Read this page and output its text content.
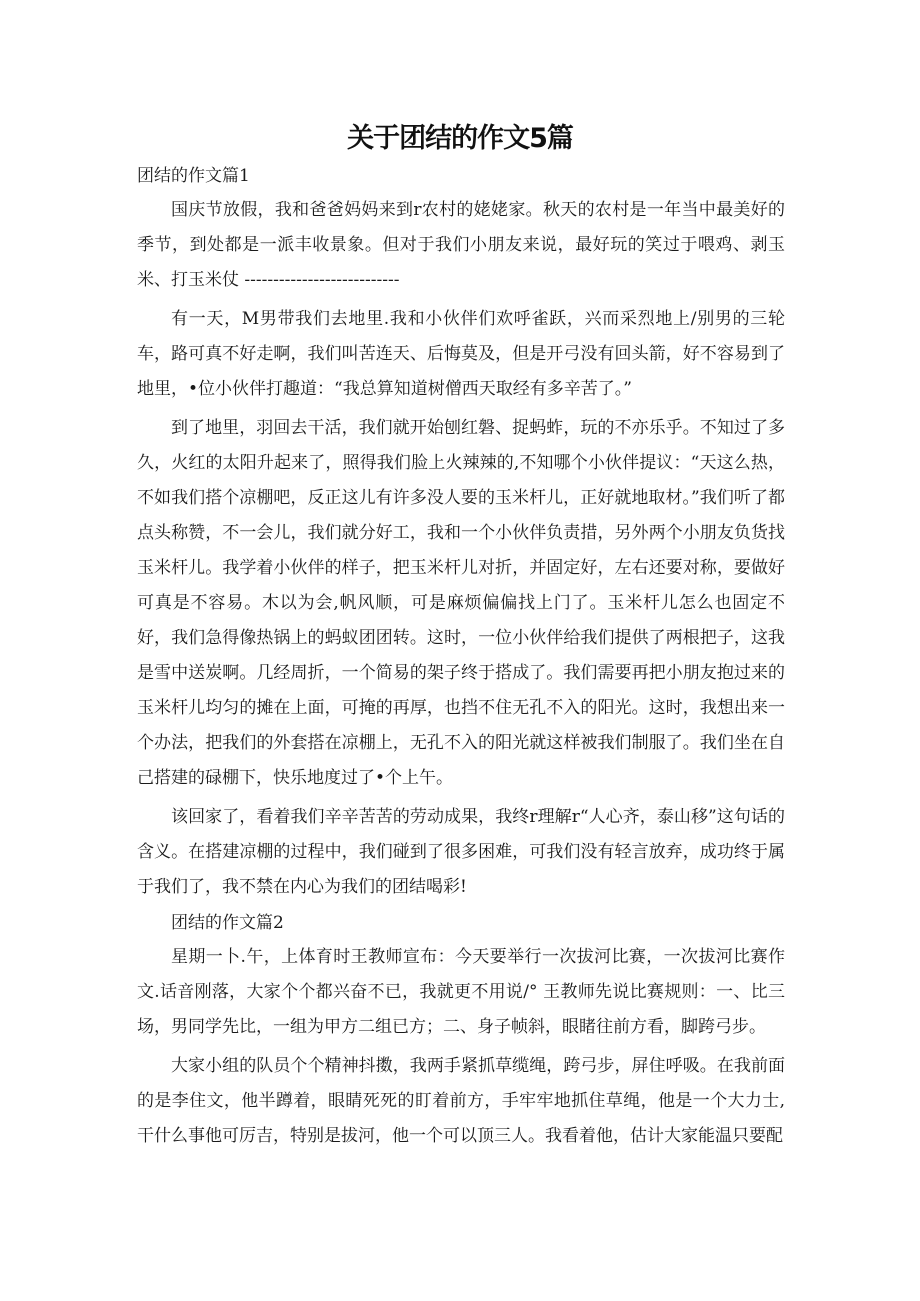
关于团结的作文5篇

团结的作文篇1

国庆节放假，我和爸爸妈妈来到r农村的姥姥家。秋天的农村是一年当中最美好的季节，到处都是一派丰收景象。但对于我们小朋友来说，最好玩的笑过于喂鸡、剥玉米、打玉米仗 ---------------------------

有一天，M男带我们去地里.我和小伙伴们欢呼雀跃，兴而采烈地上/别男的三轮车，路可真不好走啊，我们叫苦连天、后悔莫及，但是开弓没有回头箭，好不容易到了地里，•位小伙伴打趣道：“我总算知道树僧西天取经有多辛苦了。”

到了地里，羽回去干活，我们就开始刨红磐、捉蚂蚱，玩的不亦乐乎。不知过了多久，火红的太阳升起来了，照得我们脸上火辣辣的,不知哪个小伙伴提议：“天这么热，不如我们搭个凉棚吧，反正这儿有许多没人要的玉米杆儿，正好就地取材。”我们听了都点头称赞，不一会儿，我们就分好工，我和一个小伙伴负责措，另外两个小朋友负货找玉米杆儿。我学着小伙伴的样子，把玉米杆儿对折，并固定好，左右还要对称，要做好可真是不容易。木以为会,帆风顺，可是麻烦偏偏找上门了。玉米杆儿怎么也固定不好，我们急得像热锅上的蚂蚁团团转。这时，一位小伙伴给我们提供了两根把子，这我是雪中送炭啊。几经周折，一个简易的架子终于搭成了。我们需要再把小朋友抱过来的玉米杆儿均匀的摊在上面，可掩的再厚，也挡不住无孔不入的阳光。这时，我想出来一个办法，把我们的外套搭在凉棚上，无孔不入的阳光就这样被我们制服了。我们坐在自己搭建的碌棚下，快乐地度过了•个上午。

该回家了，看着我们辛辛苦苦的劳动成果，我终r理解r“人心齐，泰山移”这句话的含义。在搭建凉棚的过程中，我们碰到了很多困难，可我们没有轻言放弃，成功终于属于我们了，我不禁在内心为我们的团结喝彩!

团结的作文篇2

星期一卜.午，上体育时王教师宣布：今天要举行一次拔河比赛，一次拔河比赛作文.话音刚落，大家个个都兴奋不已，我就更不用说/° 王教师先说比赛规则：一、比三场，男同学先比，一组为甲方二组已方；二、身子帧斜，眼睹往前方看，脚跨弓步。

大家小组的队员个个精神抖擞，我两手紧抓草缆绳，跨弓步，屏住呼吸。在我前面的是李住文，他半蹲着，眼睛死死的盯着前方，手牢牢地抓住草绳，他是一个大力士,干什么事他可厉吉，特别是拔河，他一个可以顶三人。我看着他，估计大家能温只要配
